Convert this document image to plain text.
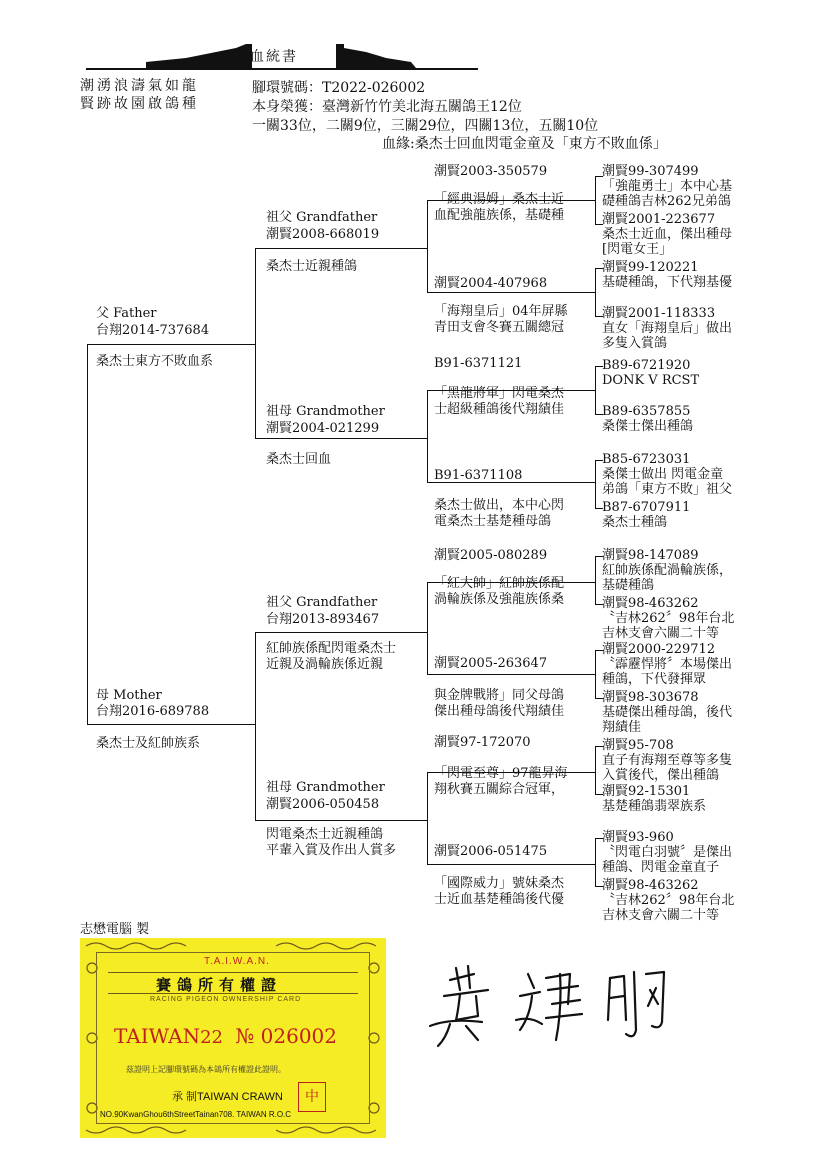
血統書
潮湧浪濤氣如龍
賢跡故園啟鴿種
腳環號碼：T2022-026002
本身榮獲：臺灣新竹竹美北海五關鴿王12位
一關33位，二關9位，三關29位，四關13位，五關10位
血緣:桑杰士回血閃電金童及「東方不敗血係」
父 Father
台翔2014-737684
桑杰士東方不敗血系
母 Mother
台翔2016-689788
桑杰士及紅帥族系
祖父 Grandfather
潮賢2008-668019
桑杰士近親種鴿
祖母 Grandmother
潮賢2004-021299
桑杰士回血
祖父 Grandfather
台翔2013-893467
紅帥族係配閃電桑杰士
近親及渦輪族係近親
祖母 Grandmother
潮賢2006-050458
閃電桑杰士近親種鴿
平輩入賞及作出人賞多
潮賢2003-350579
「經典湯姆」桑杰士近
血配強龍族係，基礎種
潮賢2004-407968
「海翔皇后」04年屏縣
青田支會冬賽五關總冠
B91-6371121
「黑龍將軍」閃電桑杰
士超級種鴿後代翔績佳
B91-6371108
桑杰士做出，本中心閃
電桑杰士基楚種母鴿
潮賢2005-080289
「紅大帥」紅帥族係配
渦輪族係及強龍族係桑
潮賢2005-263647
與金牌戰將」同父母鴿
傑出種母鴿後代翔績佳
潮賢97-172070
「閃電至尊」97龍昇海
翔秋賽五關綜合冠軍，
潮賢2006-051475
「國際威力」號妹桑杰
士近血基楚種鴿後代優
潮賢99-307499
「強龍勇士」本中心基
礎種鴿吉林262兄弟鴿
潮賢2001-223677
桑杰士近血，傑出種母
[閃電女王」
潮賢99-120221
基礎種鴿，下代翔基優
潮賢2001-118333
直女「海翔皇后」做出
多隻入賞鴿
B89-6721920
DONK V RCST
B89-6357855
桑傑士傑出種鴿
B85-6723031
桑傑士做出 閃電金童
弟鴿「東方不敗」祖父
B87-6707911
桑杰士種鴿
潮賢98-147089
紅帥族係配渦輪族係，
基礎種鴿
潮賢98-463262
〝吉林262〞98年台北
吉林支會六關二十等
潮賢2000-229712
〝霹靂悍將〞本場傑出
種鴿，下代發揮眾
潮賢98-303678
基礎傑出種母鴿，後代
翔績佳
潮賢95-708
直子有海翔至尊等多隻
入賞後代，傑出種鴿
潮賢92-15301
基楚種鴿翡翠族系
潮賢93-960
〝閃電白羽號〞是傑出
種鴿、閃電金童直子
潮賢98-463262
〝吉林262〞98年台北
吉林支會六關二十等
志懋電腦 製
T.A.I.W.A.N.
賽鴿所有權證
RACING PIGEON OWNERSHIP CARD
TAIWAN22 № 026002
茲證明上記腳環號碼為本鴿所有權證此證明。
承 制TAIWAN CRAWN
NO.90KwanGhou6thStreetTainan708. TAIWAN R.O.C
中
